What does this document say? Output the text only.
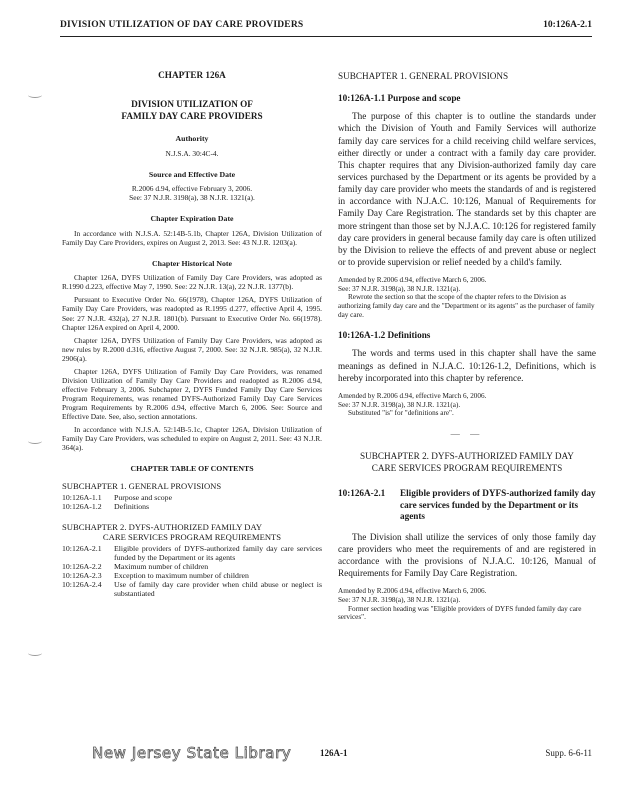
DIVISION UTILIZATION OF DAY CARE PROVIDERS	10:126A-2.1

CHAPTER 126A

DIVISION UTILIZATION OF
FAMILY DAY CARE PROVIDERS
Authority

N.J.S.A. 30:4C-4.

Source and Effective Date

R.2006 d.94, effective February 3, 2006.

See: 37 N.J.R. 3198(a), 38 N.J.R. 1321(a).

Chapter Expiration Date

In accordance with N.J.S.A. 52:14B-5.1b, Chapter 126A, Division Utilization of Family Day Care Providers, expires on August 2, 2013. See: 43 N.J.R. 1203(a).

Chapter Historical Note

Chapter 126A, DYFS Utilization of Family Day Care Providers, was adopted as R.1990 d.223, effective May 7, 1990. See: 22 N.J.R. 13(a), 22 N.J.R. 1377(b).

Pursuant to Executive Order No. 66(1978), Chapter 126A, DYFS Utilization of Family Day Care Providers, was readopted as R.1995 d.277, effective April 4, 1995. See: 27 N.J.R. 432(a), 27 N.J.R. 1801(b). Pursuant to Executive Order No. 66(1978). Chapter 126A expired on April 4, 2000.

Chapter 126A, DYFS Utilization of Family Day Care Providers, was adopted as new rules by R.2000 d.316, effective August 7, 2000. See: 32 N.J.R. 985(a), 32 N.J.R. 2906(a).

Chapter 126A, DYFS Utilization of Family Day Care Providers, was renamed Division Utilization of Family Day Care Providers and readopted as R.2006 d.94, effective February 3, 2006. Subchapter 2, DYFS Funded Family Day Care Services Program Requirements, was renamed DYFS-Authorized Family Day Care Services Program Requirements by R.2006 d.94, effective March 6, 2006. See: Source and Effective Date. See, also, section annotations.

In accordance with N.J.S.A. 52:14B-5.1c, Chapter 126A, Division Utilization of Family Day Care Providers, was scheduled to expire on August 2, 2011. See: 43 N.J.R. 364(a).

CHAPTER TABLE OF CONTENTS
SUBCHAPTER 1. GENERAL PROVISIONS
10:126A-1.1	Purpose and scope
10:126A-1.2	Definitions
SUBCHAPTER 2. DYFS-AUTHORIZED FAMILY DAY
CARE SERVICES PROGRAM REQUIREMENTS
10:126A-2.1	Eligible providers of DYFS-authorized family day care services funded by the Department or its agents
10:126A-2.2	Maximum number of children
10:126A-2.3	Exception to maximum number of children
10:126A-2.4	Use of family day care provider when child abuse or neglect is substantiated
SUBCHAPTER 1. GENERAL PROVISIONS
10:126A-1.1 Purpose and scope

The purpose of this chapter is to outline the standards under which the Division of Youth and Family Services will authorize family day care services for a child receiving child welfare services, either directly or under a contract with a family day care provider. This chapter requires that any Division-authorized family day care services purchased by the Department or its agents be provided by a family day care provider who meets the standards of and is registered in accordance with N.J.A.C. 10:126, Manual of Requirements for Family Day Care Registration. The standards set by this chapter are more stringent than those set by N.J.A.C. 10:126 for registered family day care providers in general because family day care is often utilized by the Division to relieve the effects of and prevent abuse or neglect or to provide supervision or relief needed by a child's family.

Amended by R.2006 d.94, effective March 6, 2006.
See: 37 N.J.R. 3198(a), 38 N.J.R. 1321(a).
Rewrote the section so that the scope of the chapter refers to the Division as authorizing family day care and the "Department or its agents" as the purchaser of family day care.
10:126A-1.2 Definitions

The words and terms used in this chapter shall have the same meanings as defined in N.J.A.C. 10:126-1.2, Definitions, which is hereby incorporated into this chapter by reference.

Amended by R.2006 d.94, effective March 6, 2006.
See: 37 N.J.R. 3198(a), 38 N.J.R. 1321(a).
Substituted "is" for "definitions are".
— —
SUBCHAPTER 2. DYFS-AUTHORIZED FAMILY DAY
CARE SERVICES PROGRAM REQUIREMENTS
10:126A-2.1	Eligible providers of DYFS-authorized family day care services funded by the Department or its agents

The Division shall utilize the services of only those family day care providers who meet the requirements of and are registered in accordance with the provisions of N.J.A.C. 10:126, Manual of Requirements for Family Day Care Registration.

Amended by R.2006 d.94, effective March 6, 2006.
See: 37 N.J.R. 3198(a), 38 N.J.R. 1321(a).
Former section heading was "Eligible providers of DYFS funded family day care services".
New Jersey State Library	126A-1	Supp. 6-6-11
